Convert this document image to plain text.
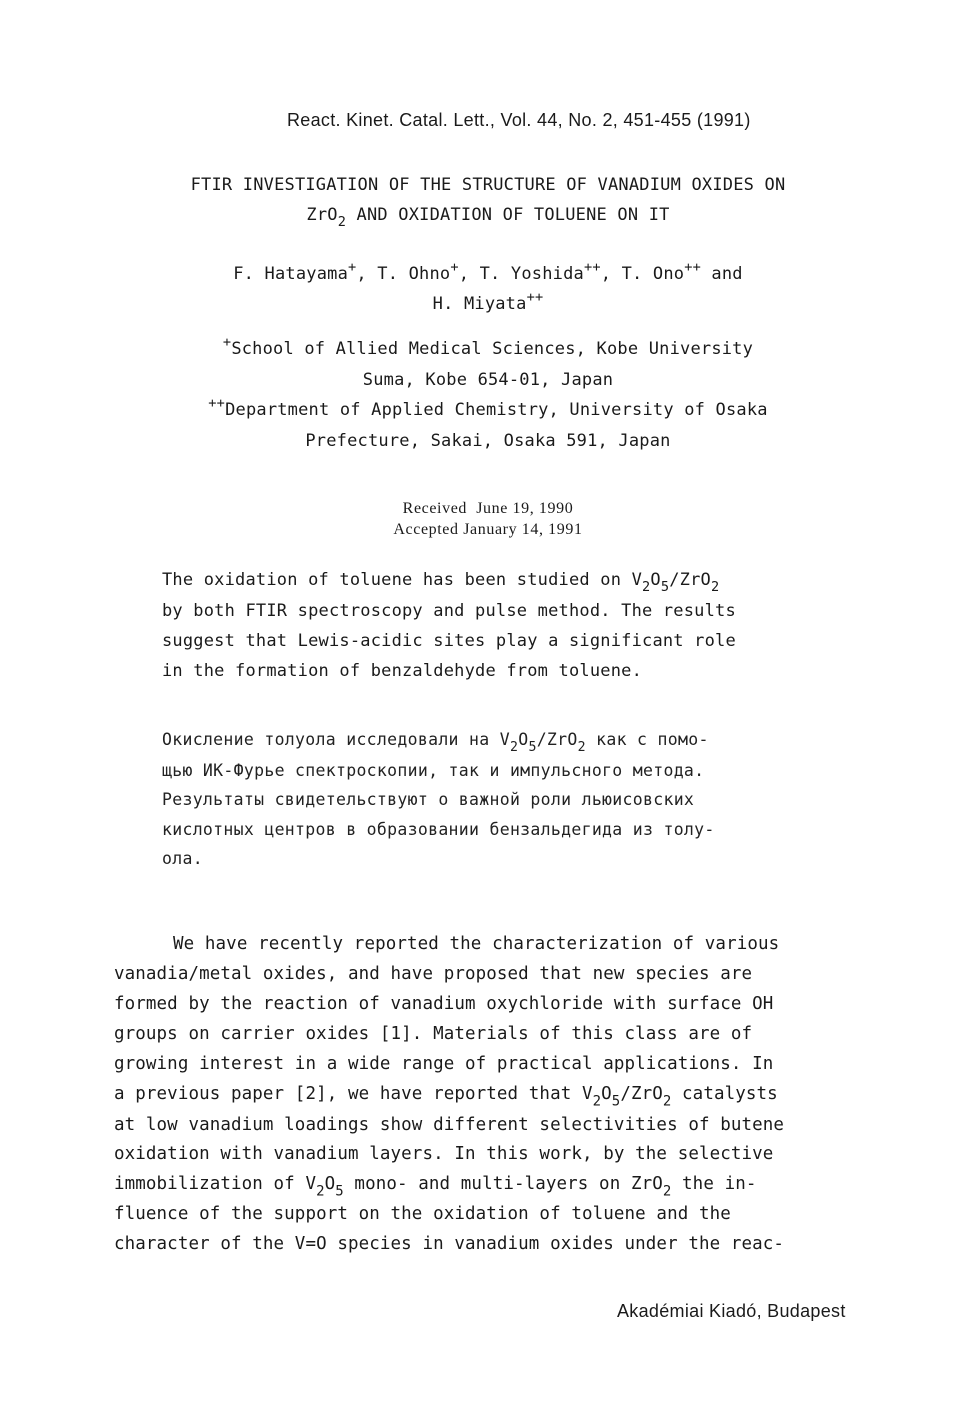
React. Kinet. Catal. Lett., Vol. 44, No. 2, 451-455 (1991)
FTIR INVESTIGATION OF THE STRUCTURE OF VANADIUM OXIDES ON
ZrO$_2$ AND OXIDATION OF TOLUENE ON IT
F. Hatayama+, T. Ohno+, T. Yoshida++, T. Ono++ and
H. Miyata++
+School of Allied Medical Sciences, Kobe University
Suma, Kobe 654-01, Japan
++Department of Applied Chemistry, University of Osaka
Prefecture, Sakai, Osaka 591, Japan
Received  June 19, 1990
Accepted January 14, 1991
The oxidation of toluene has been studied on $V_2O_5/ZrO_2$
by both FTIR spectroscopy and pulse method. The results
suggest that Lewis-acidic sites play a significant role
in the formation of benzaldehyde from toluene.
Окисление толуола исследовали на $V_2O_5/ZrO_2$ как с помо-
щью ИК-Фурье спектроскопии, так и импульсного метода.
Результаты свидетельствуют о важной роли льюисовских
кислотных центров в образовании бензальдегида из толу-
ола.
We have recently reported the characterization of various
vanadia/metal oxides, and have proposed that new species are
formed by the reaction of vanadium oxychloride with surface OH
groups on carrier oxides [1]. Materials of this class are of
growing interest in a wide range of practical applications. In
a previous paper [2], we have reported that $V_2O_5/ZrO_2$ catalysts
at low vanadium loadings show different selectivities of butene
oxidation with vanadium layers. In this work, by the selective
immobilization of $V_2O_5$ mono- and multi-layers on ZrO$_2$ the in-
fluence of the support on the oxidation of toluene and the
character of the V=O species in vanadium oxides under the reac-
Akadémiai Kiadó, Budapest
